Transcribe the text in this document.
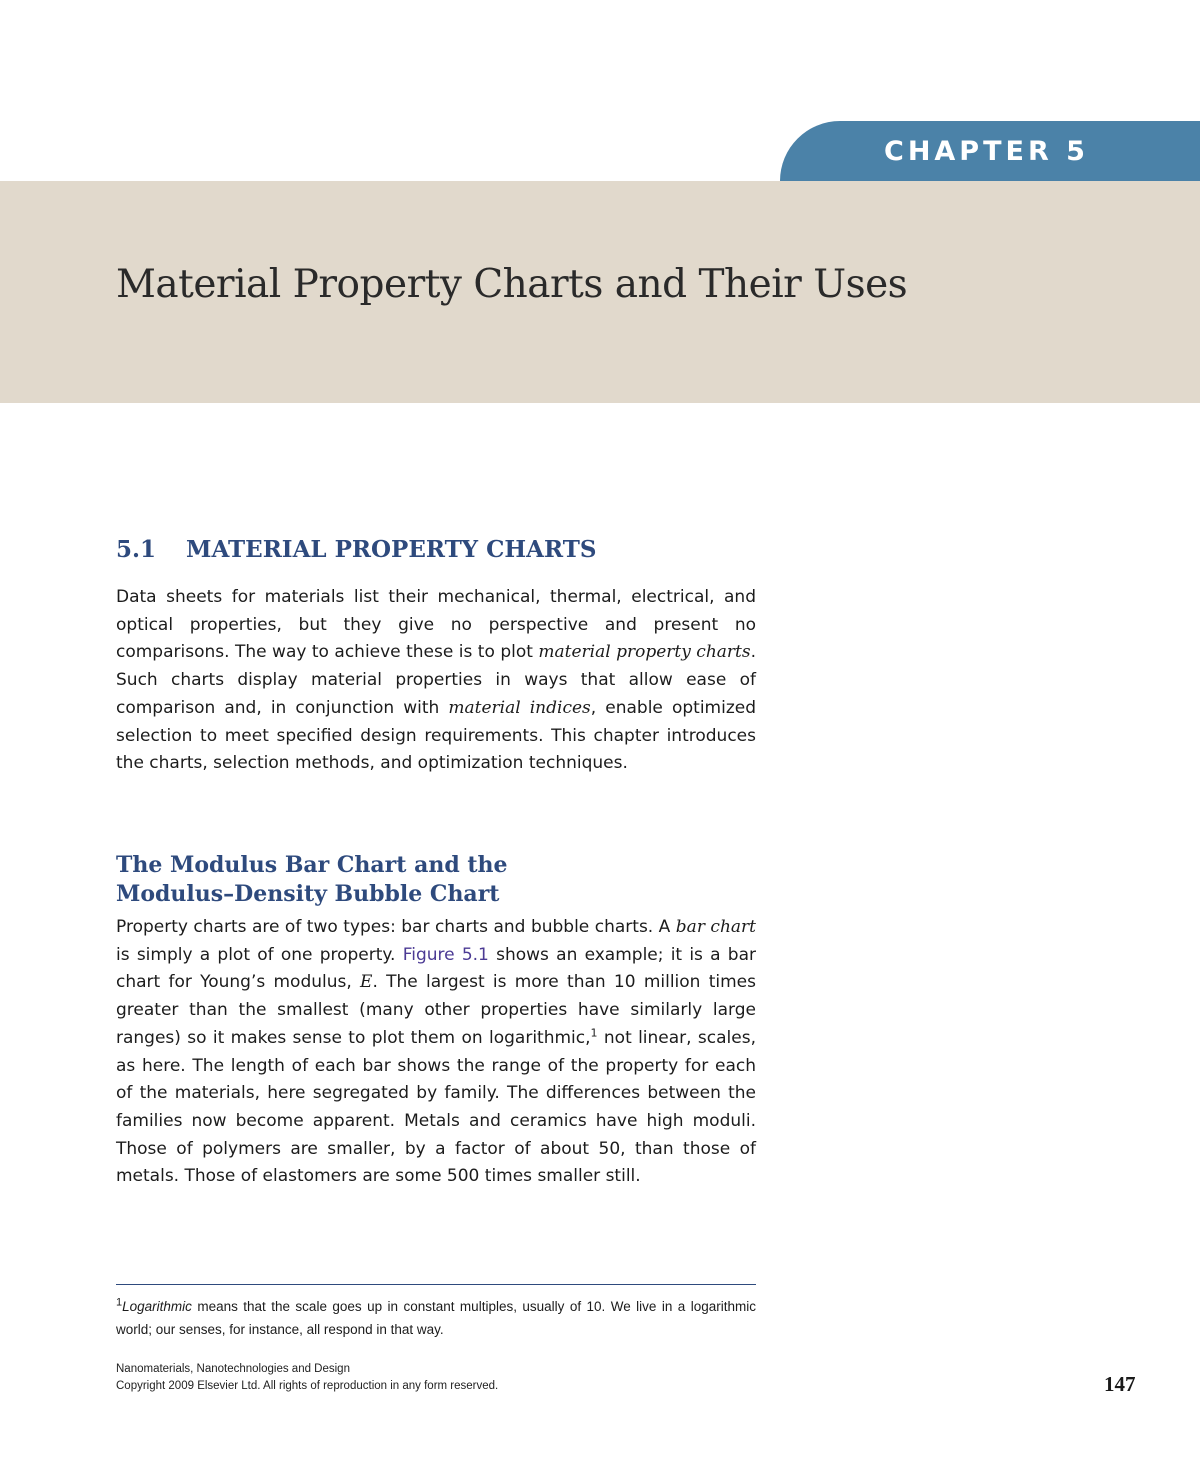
CHAPTER 5
Material Property Charts and Their Uses
5.1 MATERIAL PROPERTY CHARTS

Data sheets for materials list their mechanical, thermal, electrical, and optical properties, but they give no perspective and present no comparisons. The way to achieve these is to plot material property charts. Such charts display material properties in ways that allow ease of comparison and, in conjunction with material indices, enable optimized selection to meet specified design requirements. This chapter introduces the charts, selection methods, and optimization techniques.

The Modulus Bar Chart and the
Modulus–Density Bubble Chart

Property charts are of two types: bar charts and bubble charts. A bar chart is simply a plot of one property. Figure 5.1 shows an example; it is a bar chart for Young’s modulus, E. The largest is more than 10 million times greater than the smallest (many other properties have similarly large ranges) so it makes sense to plot them on logarithmic,$^1$ not linear, scales, as here. The length of each bar shows the range of the property for each of the materials, here segregated by family. The differences between the families now become apparent. Metals and ceramics have high moduli. Those of polymers are smaller, by a factor of about 50, than those of metals. Those of elastomers are some 500 times smaller still.

$^1$Logarithmic means that the scale goes up in constant multiples, usually of 10. We live in a logarithmic world; our senses, for instance, all respond in that way.

Nanomaterials, Nanotechnologies and Design
Copyright 2009 Elsevier Ltd. All rights of reproduction in any form reserved.	147
